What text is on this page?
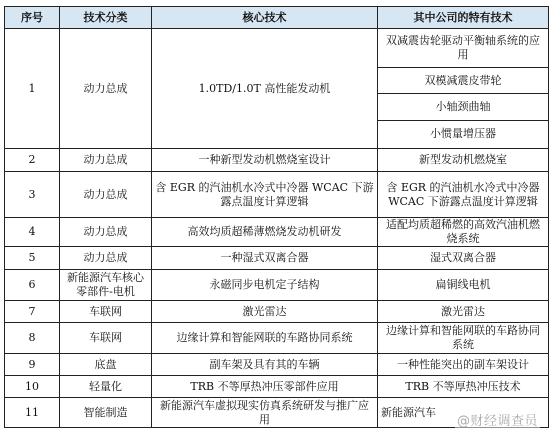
序号	技术分类	核心技术	其中公司的特有技术
1	动力总成	1.0TD/1.0T 高性能发动机	双减震齿轮驱动平衡轴系统的应用
			双模减震皮带轮
			小轴颈曲轴
			小惯量增压器
2	动力总成	一种新型发动机燃烧室设计	新型发动机燃烧室
3	动力总成	含 EGR 的汽油机水冷式中冷器 WCAC 下游露点温度计算逻辑	含 EGR 的汽油机水冷式中冷器 WCAC 下游露点温度计算逻辑
4	动力总成	高效均质超稀薄燃烧发动机研发	适配均质超稀燃的高效汽油机燃烧系统
5	动力总成	一种湿式双离合器	湿式双离合器
6	新能源汽车核心零部件-电机	永磁同步电机定子结构	扁铜线电机
7	车联网	激光雷达	激光雷达
8	车联网	边缘计算和智能网联的车路协同系统	边缘计算和智能网联的车路协同系统
9	底盘	副车架及具有其的车辆	一种性能突出的副车架设计
10	轻量化	TRB 不等厚热冲压零部件应用	TRB 不等厚热冲压技术
11	智能制造	新能源汽车虚拟现实仿真系统研发与推广应用	新能源汽车
@财经调查员
